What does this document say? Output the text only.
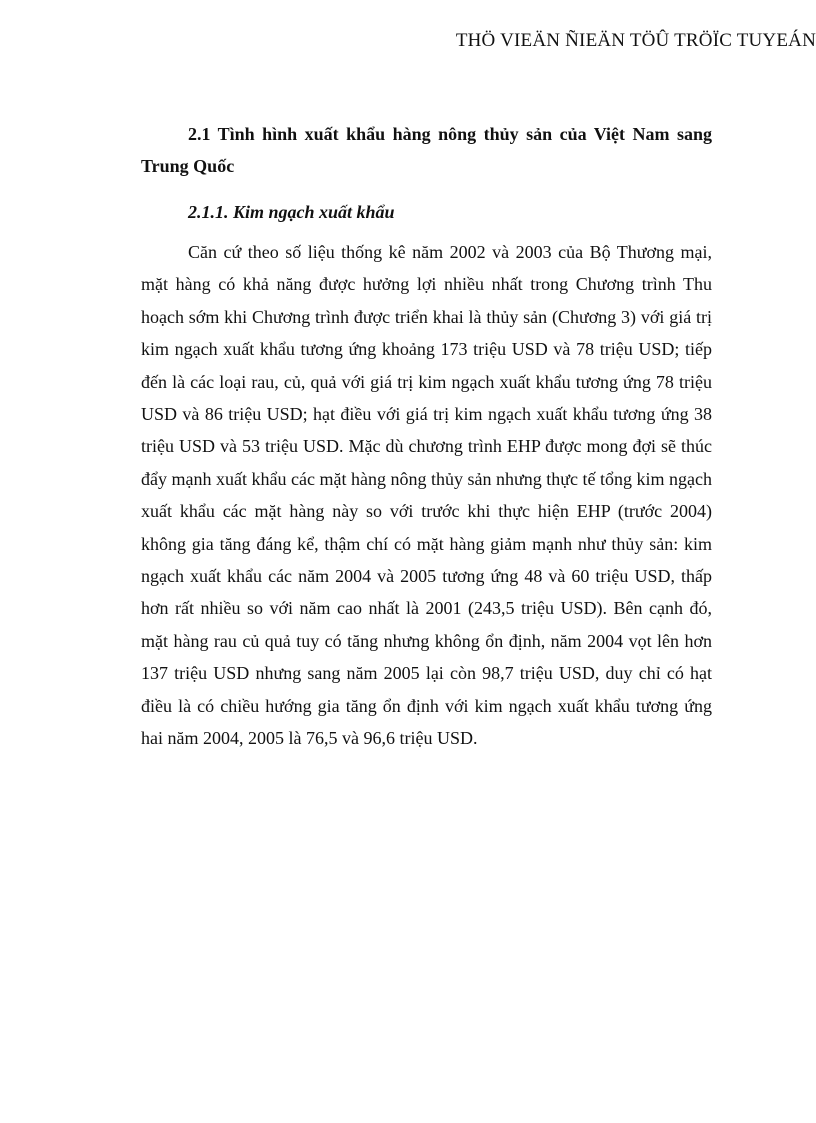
THÖ VIEÄN ÑIEÄN TÖÛ TRÖÏC TUYEÁN
2.1 Tình hình xuất khẩu hàng nông thủy sản của Việt Nam sang Trung Quốc
2.1.1. Kim ngạch xuất khẩu

Căn cứ theo số liệu thống kê năm 2002 và 2003 của Bộ Thương mại, mặt hàng có khả năng được hưởng lợi nhiều nhất trong Chương trình Thu hoạch sớm khi Chương trình được triển khai là thủy sản (Chương 3) với giá trị kim ngạch xuất khẩu tương ứng khoảng 173 triệu USD và 78 triệu USD; tiếp đến là các loại rau, củ, quả với giá trị kim ngạch xuất khẩu tương ứng 78 triệu USD và 86 triệu USD; hạt điều với giá trị kim ngạch xuất khẩu tương ứng 38 triệu USD và 53 triệu USD. Mặc dù chương trình EHP được mong đợi sẽ thúc đẩy mạnh xuất khẩu các mặt hàng nông thủy sản nhưng thực tế tổng kim ngạch xuất khẩu các mặt hàng này so với trước khi thực hiện EHP (trước 2004) không gia tăng đáng kể, thậm chí có mặt hàng giảm mạnh như thủy sản: kim ngạch xuất khẩu các năm 2004 và 2005 tương ứng 48 và 60 triệu USD, thấp hơn rất nhiều so với năm cao nhất là 2001 (243,5 triệu USD). Bên cạnh đó, mặt hàng rau củ quả tuy có tăng nhưng không ổn định, năm 2004 vọt lên hơn 137 triệu USD nhưng sang năm 2005 lại còn 98,7 triệu USD, duy chỉ có hạt điều là có chiều hướng gia tăng ổn định với kim ngạch xuất khẩu tương ứng hai năm 2004, 2005 là 76,5 và 96,6 triệu USD.
